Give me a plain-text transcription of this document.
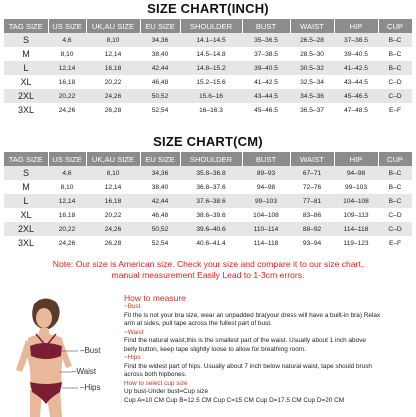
SIZE CHART(INCH)
TAG SIZE	US SIZE	UK,AU SIZE	EU SIZE	SHOULDER	BUST	WAIST	HIP	CUP
S	4,6	8,10	34,36	14.1–14.5	35–36.5	26.5–28	37–38.5	B–C
M	8,10	12,14	38,40	14.5–14.8	37–38.5	28.5–30	39–40.5	B–C
L	12,14	16,18	42,44	14.8–15.2	39–40.5	30.5–32	41–42.5	B–C
XL	16,18	20,22	46,48	15.2–15.6	41–42.5	32.5–34	43–44.5	C–D
2XL	20,22	24,26	50,52	15.6–16	43–44.5	34.5–36	45–46.5	C–D
3XL	24,26	26,28	52,54	16–16.3	45–46.5	36.5–37	47–48.5	E–F
SIZE CHART(CM)
TAG SIZE	US SIZE	UK,AU SIZE	EU SIZE	SHOULDER	BUST	WAIST	HIP	CUP
S	4,6	8,10	34,36	35.8–36.8	89–93	67–71	94–98	B–C
M	8,10	12,14	38,40	36.8–37.6	94–98	72–76	99–103	B–C
L	12,14	16,18	42,44	37.6–38.6	99–103	77–81	104–108	B–C
XL	16,18	20,22	46,48	38.6–39.6	104–108	83–86	109–113	C–D
2XL	20,22	24,26	50,52	39.6–40.6	110–114	88–92	114–118	C–D
3XL	24,26	26,28	52,54	40.6–41.4	114–118	93–94	119–123	E–F
Note: Our size is American size. Check your size and compare it to our size chart,
manual measurement Easily Lead to 1-3cm errors.
–Bust
–Waist
–Hips
How to measure
~Bust
Fit the is not your bra size, wear an unpadded bra(your dress will have a built-in bra) Relax
arm at sides, pull tape across the fullest part of bust.
~Waist
Find the natural waist,this is the smallest part of the waist. Usually about 1 inch above
belly button, keep tape slightly loose to allow for breathing room.
~Hips
Find the widest part of hips. Usually about 7 inch below natural waist, tape should brush
across both hipbones.
How to select cup size
Up bust-Under bust=Cup size
Cup A=10 CM Cup B=12.5 CM Cup C=15 CM Cup D=17.5 CM Cup D=20 CM
